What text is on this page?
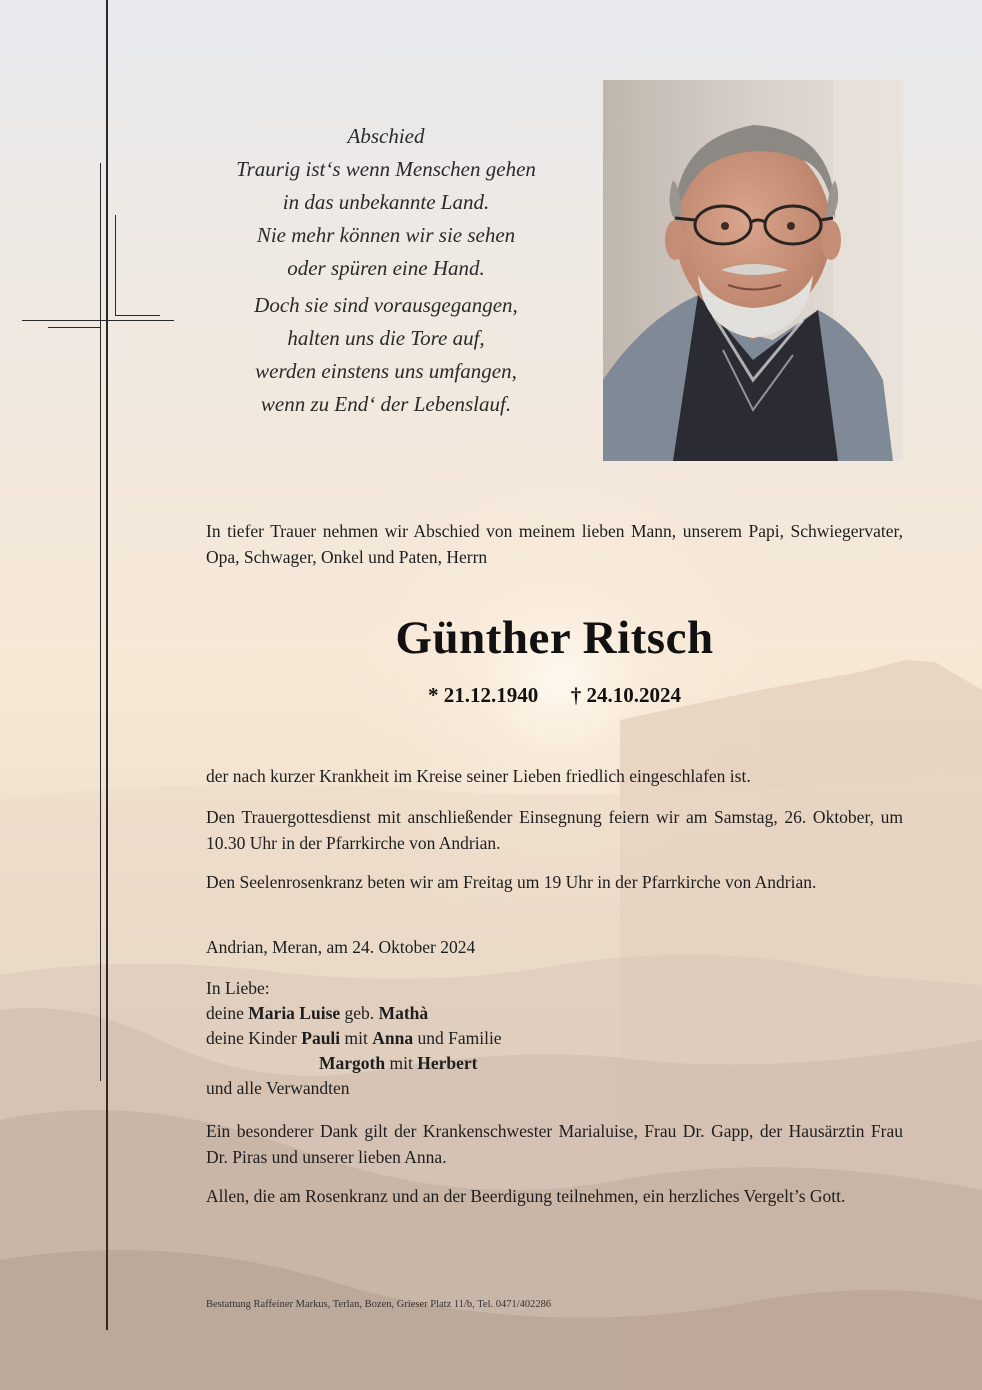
Abschied
Traurig ist‘s wenn Menschen gehen
in das unbekannte Land.
Nie mehr können wir sie sehen
oder spüren eine Hand.
Doch sie sind vorausgegangen,
halten uns die Tore auf,
werden einstens uns umfangen,
wenn zu End‘ der Lebenslauf.
In tiefer Trauer nehmen wir Abschied von meinem lieben Mann, unserem Papi, Schwiegervater, Opa, Schwager, Onkel und Paten, Herrn
Günther Ritsch
* 21.12.1940 † 24.10.2024
der nach kurzer Krankheit im Kreise seiner Lieben friedlich eingeschlafen ist.
Den Trauergottesdienst mit anschließender Einsegnung feiern wir am Samstag, 26. Oktober, um 10.30 Uhr in der Pfarrkirche von Andrian.
Den Seelenrosenkranz beten wir am Freitag um 19 Uhr in der Pfarrkirche von Andrian.
Andrian, Meran, am 24. Oktober 2024
In Liebe:
deine Maria Luise geb. Mathà
deine Kinder Pauli mit Anna und Familie
Margoth mit Herbert
und alle Verwandten
Ein besonderer Dank gilt der Krankenschwester Marialuise, Frau Dr. Gapp, der Hausärztin Frau Dr. Piras und unserer lieben Anna.
Allen, die am Rosenkranz und an der Beerdigung teilnehmen, ein herzliches Vergelt’s Gott.
Bestattung Raffeiner Markus, Terlan, Bozen, Grieser Platz 11/b, Tel. 0471/402286
